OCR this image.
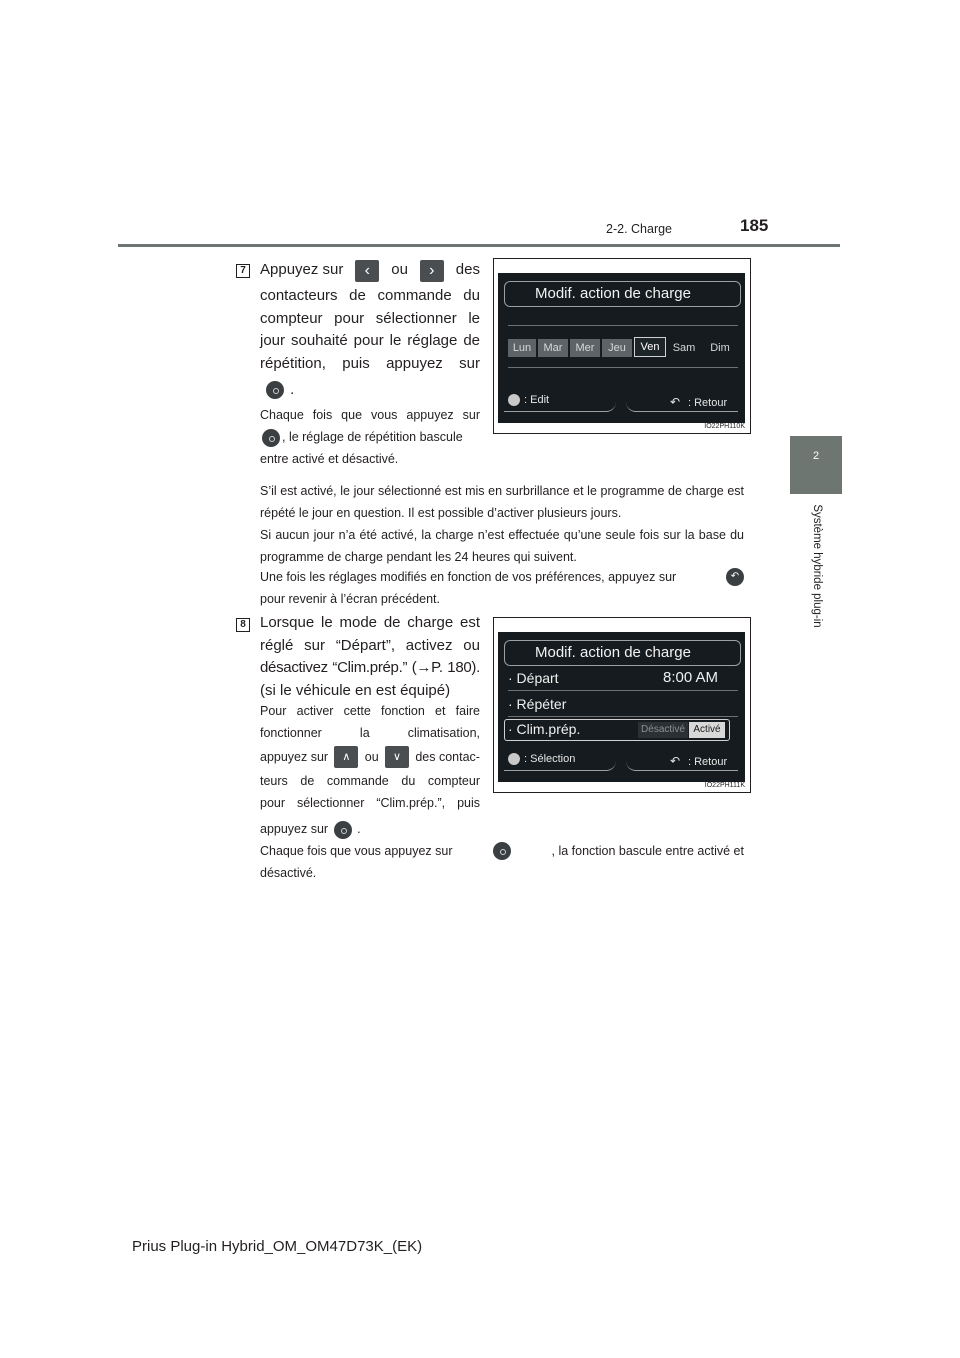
185
2-2. Charge
2
Système hybride plug-in
7 Appuyez sur	‹	ou	›	des
contacteurs de commande du
compteur pour sélectionner le
jour souhaité pour le réglage de
répétition, puis appuyez sur
.
Chaque fois que vous appuyez sur
, le réglage de répétition bascule
entre activé et désactivé.
Modif. action de charge
Lun	Mar	Mer	Jeu	Ven	Sam	Dim
: Edit	↶ : Retour
IO22PH110K
S’il est activé, le jour sélectionné est mis en surbrillance et le programme de charge est répété le jour en question. Il est possible d’activer plusieurs jours.
Si aucun jour n’a été activé, la charge n’est effectuée qu’une seule fois sur la base du programme de charge pendant les 24 heures qui suivent.
Une fois les réglages modifiés en fonction de vos préférences, appuyez sur	↶
pour revenir à l’écran précédent.
8 Lorsque le mode de charge est
réglé sur “Départ”, activez ou
désactivez “Clim.prép.” (→P. 180).
(si le véhicule en est équipé)
Pour activer cette fonction et faire
fonctionner la climatisation,
appuyez sur	∧	ou	∨	des contac-
teurs de commande du compteur
pour sélectionner “Clim.prép.”, puis
appuyez sur .
Modif. action de charge
· Départ	8:00 AM
· Répéter
· Clim.prép.	Désactivé Activé
: Sélection	↶ : Retour
IO22PH111K
Chaque fois que vous appuyez sur	, la fonction bascule entre activé et
désactivé.
Prius Plug-in Hybrid_OM_OM47D73K_(EK)
